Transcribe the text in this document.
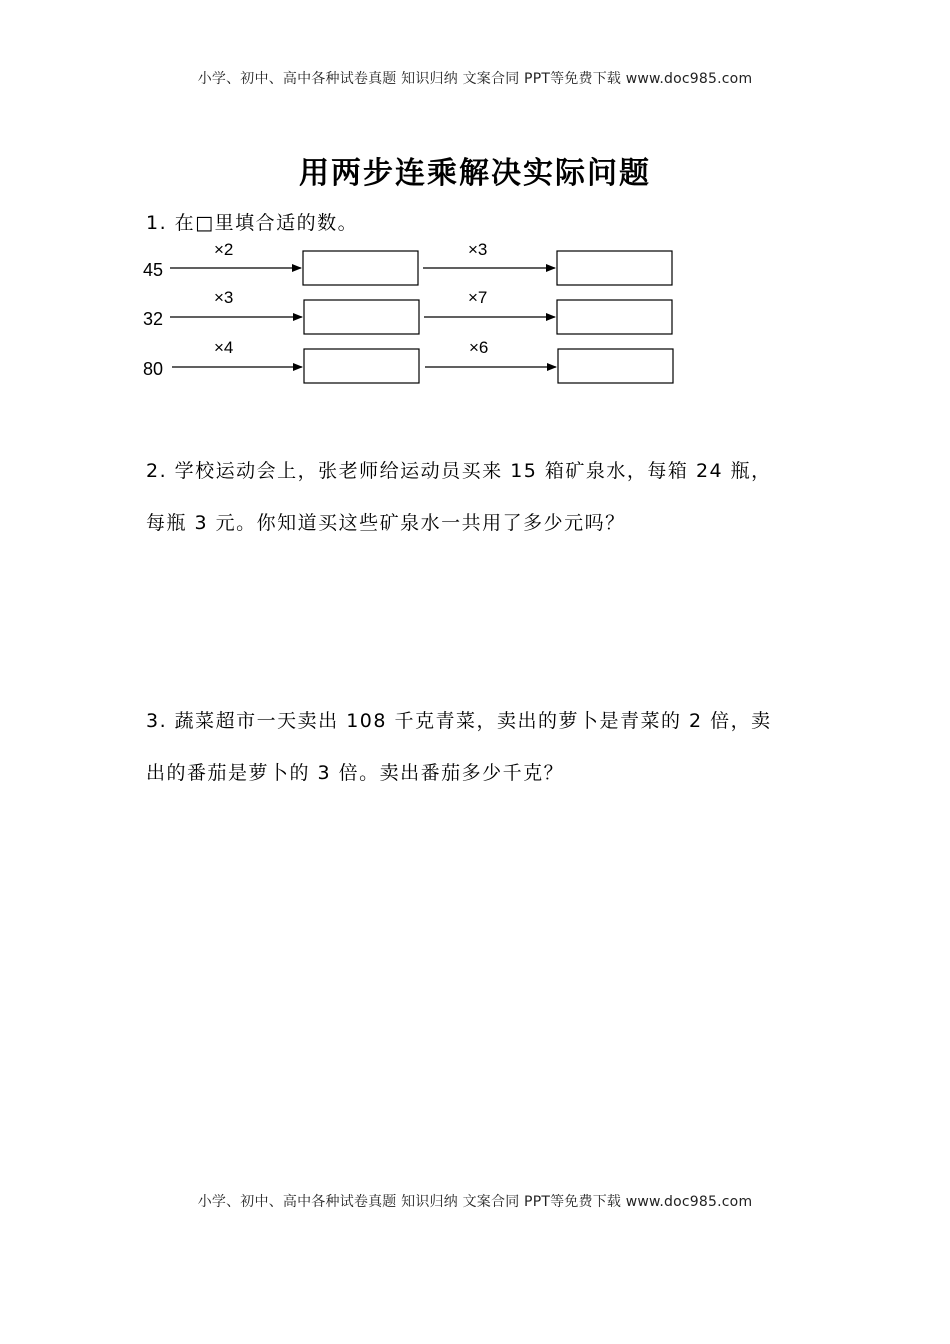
小学、初中、高中各种试卷真题 知识归纳 文案合同 PPT等免费下载 www.doc985.com
用两步连乘解决实际问题
1. 在□里填合适的数。
45
×2	×3
32
×3	×7
80
×4	×6
2. 学校运动会上，张老师给运动员买来 15 箱矿泉水，每箱 24 瓶，
每瓶 3 元。你知道买这些矿泉水一共用了多少元吗？
3. 蔬菜超市一天卖出 108 千克青菜，卖出的萝卜是青菜的 2 倍，卖
出的番茄是萝卜的 3 倍。卖出番茄多少千克？
小学、初中、高中各种试卷真题 知识归纳 文案合同 PPT等免费下载 www.doc985.com
